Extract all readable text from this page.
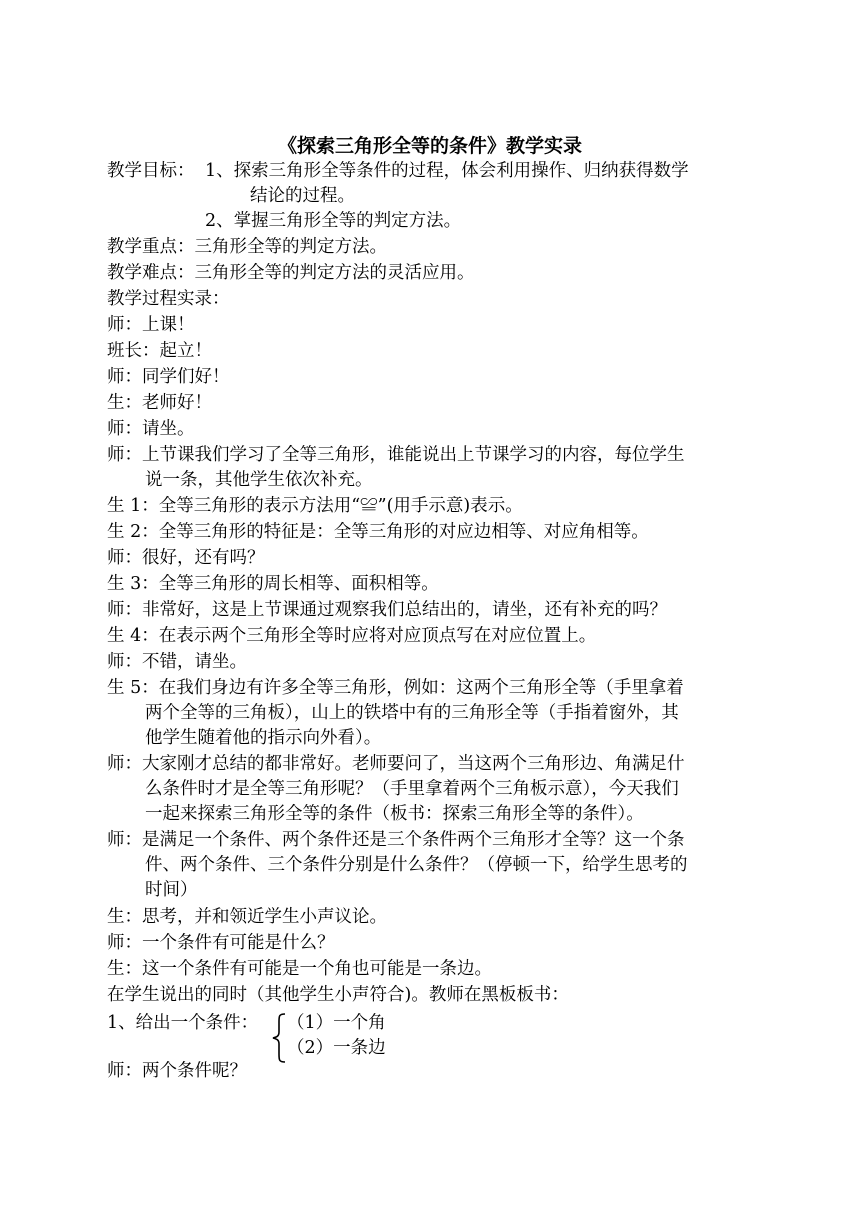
《探索三角形全等的条件》教学实录
教学目标： 1、探索三角形全等条件的过程，体会利用操作、归纳获得数学
结论的过程。
2、掌握三角形全等的判定方法。
教学重点：三角形全等的判定方法。
教学难点：三角形全等的判定方法的灵活应用。
教学过程实录：
师：上课！
班长：起立！
师：同学们好！
生：老师好！
师：请坐。
师：上节课我们学习了全等三角形，谁能说出上节课学习的内容，每位学生
说一条，其他学生依次补充。
生 1：全等三角形的表示方法用“≌”(用手示意)表示。
生 2：全等三角形的特征是：全等三角形的对应边相等、对应角相等。
师：很好，还有吗？
生 3：全等三角形的周长相等、面积相等。
师：非常好，这是上节课通过观察我们总结出的，请坐，还有补充的吗？
生 4：在表示两个三角形全等时应将对应顶点写在对应位置上。
师：不错，请坐。
生 5：在我们身边有许多全等三角形，例如：这两个三角形全等（手里拿着
两个全等的三角板），山上的铁塔中有的三角形全等（手指着窗外，其
他学生随着他的指示向外看）。
师：大家刚才总结的都非常好。老师要问了，当这两个三角形边、角满足什
么条件时才是全等三角形呢？（手里拿着两个三角板示意），今天我们
一起来探索三角形全等的条件（板书：探索三角形全等的条件）。
师：是满足一个条件、两个条件还是三个条件两个三角形才全等？这一个条
件、两个条件、三个条件分别是什么条件？（停顿一下，给学生思考的
时间）
生：思考，并和领近学生小声议论。
师：一个条件有可能是什么？
生：这一个条件有可能是一个角也可能是一条边。
在学生说出的同时（其他学生小声符合)。教师在黑板板书：
1、给出一个条件： （1）一个角
（2）一条边
师：两个条件呢？
